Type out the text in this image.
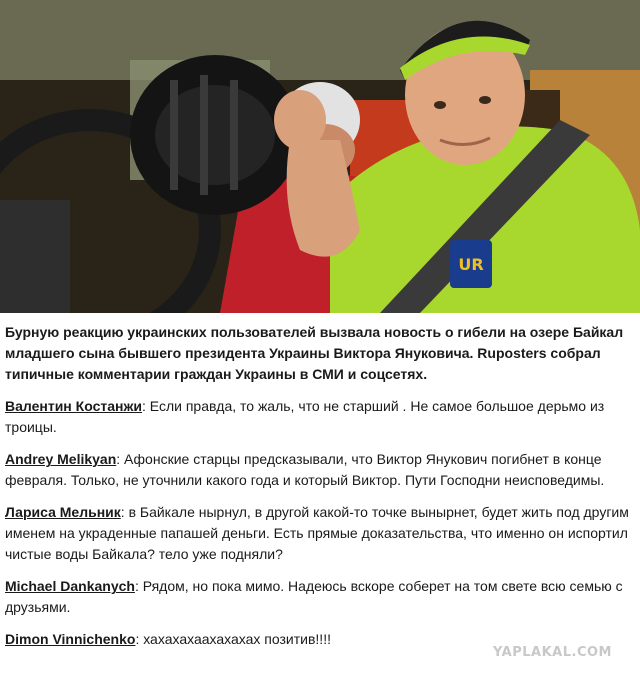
UR

Бурную реакцию украинских пользователей вызвала новость о гибели на озере Байкал младшего сына бывшего президента Украины Виктора Януковича. Ruposters собрал типичные комментарии граждан Украины в СМИ и соцсетях.

Валентин Костанжи: Если правда, то жаль, что не старший . Не самое большое дерьмо из троицы.

Andrey Melikyan: Афонские старцы предсказывали, что Виктор Янукович погибнет в конце февраля. Только, не уточнили какого года и который Виктор. Пути Господни неисповедимы.

Лариса Мельник: в Байкале нырнул, в другой какой-то точке вынырнет, будет жить под другим именем на украденные папашей деньги. Есть прямые доказательства, что именно он испортил чистые воды Байкала? тело уже подняли?

Michael Dankanych: Рядом, но пока мимо. Надеюсь вскоре соберет на том свете всю семью с друзьями.

Dimon Vinnichenko: хахахахаахахахах позитив!!!!

YAPLAKAL.COM
